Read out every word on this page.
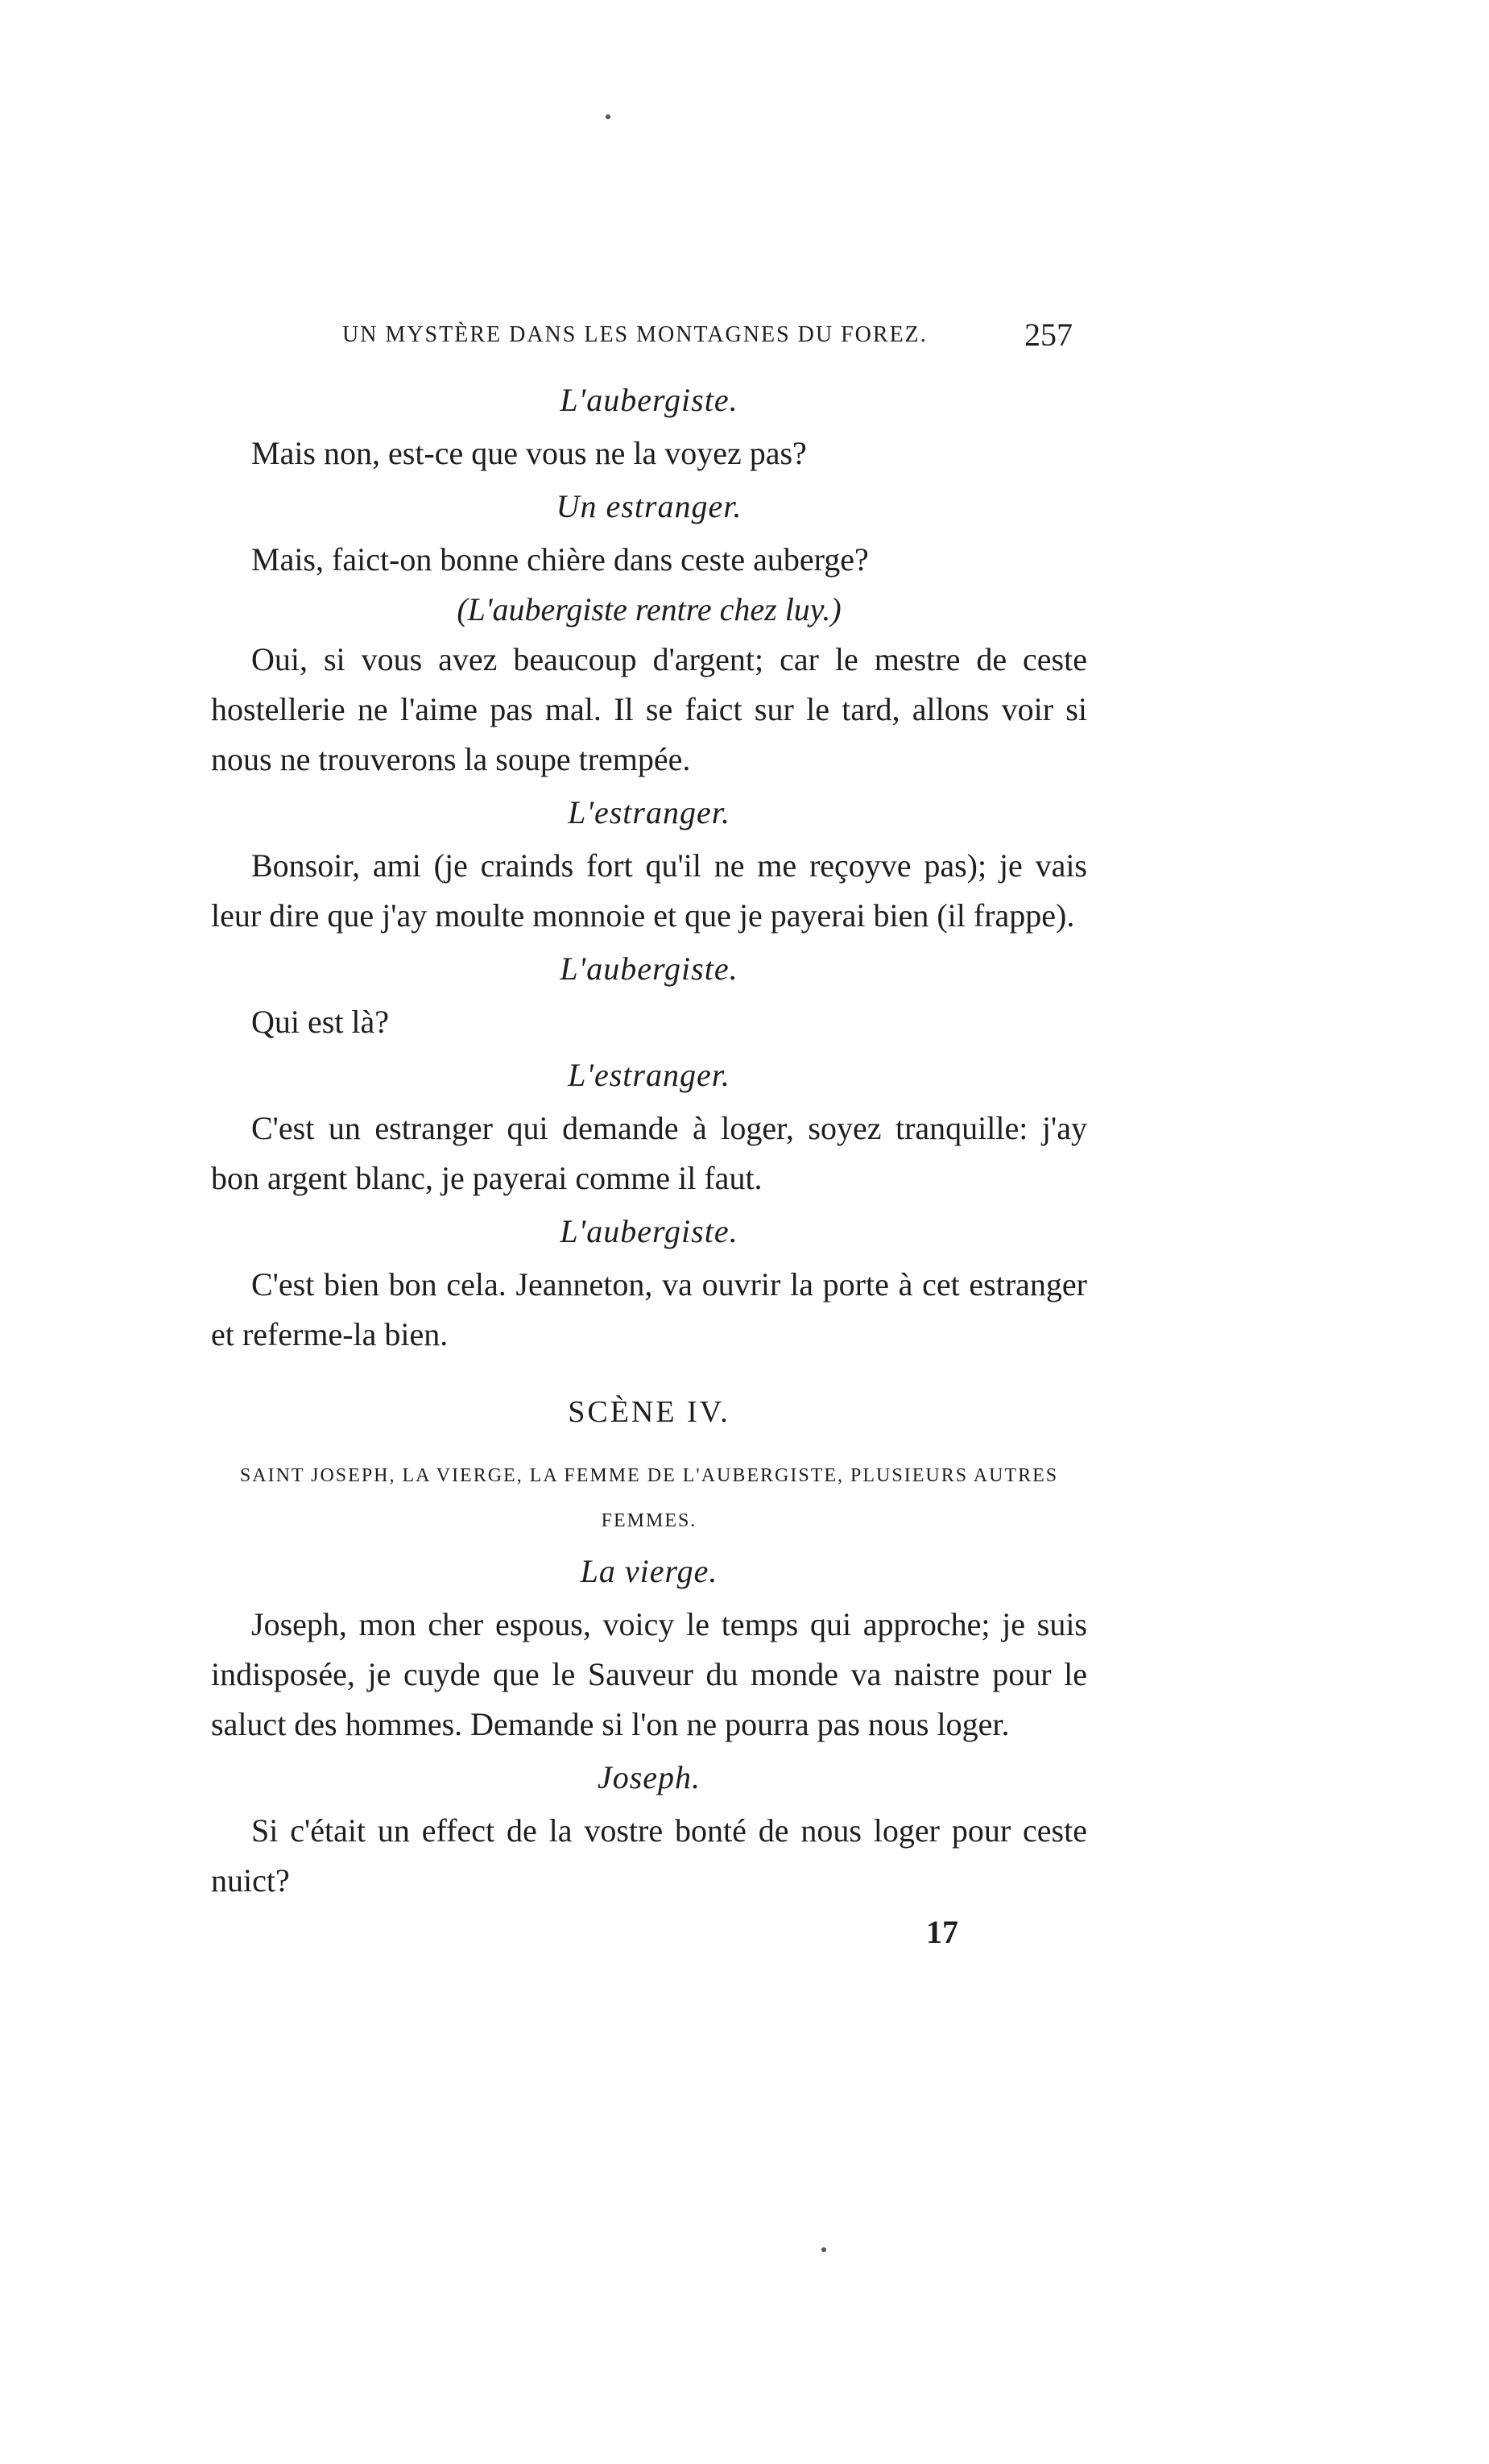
UN MYSTÈRE DANS LES MONTAGNES DU FOREZ.	257
L'aubergiste.

Mais non, est-ce que vous ne la voyez pas?

Un estranger.

Mais, faict-on bonne chière dans ceste auberge?

(L'aubergiste rentre chez luy.)

Oui, si vous avez beaucoup d'argent; car le mestre de ceste hostellerie ne l'aime pas mal. Il se faict sur le tard, allons voir si nous ne trouverons la soupe trempée.

L'estranger.

Bonsoir, ami (je crainds fort qu'il ne me reçoyve pas); je vais leur dire que j'ay moulte monnoie et que je payerai bien (il frappe).

L'aubergiste.

Qui est là?

L'estranger.

C'est un estranger qui demande à loger, soyez tranquille: j'ay bon argent blanc, je payerai comme il faut.

L'aubergiste.

C'est bien bon cela. Jeanneton, va ouvrir la porte à cet estranger et referme-la bien.

SCÈNE IV.
SAINT JOSEPH, LA VIERGE, LA FEMME DE L'AUBERGISTE, PLUSIEURS AUTRES FEMMES.
La vierge.

Joseph, mon cher espous, voicy le temps qui approche; je suis indisposée, je cuyde que le Sauveur du monde va naistre pour le saluct des hommes. Demande si l'on ne pourra pas nous loger.

Joseph.

Si c'était un effect de la vostre bonté de nous loger pour ceste nuict?

17
